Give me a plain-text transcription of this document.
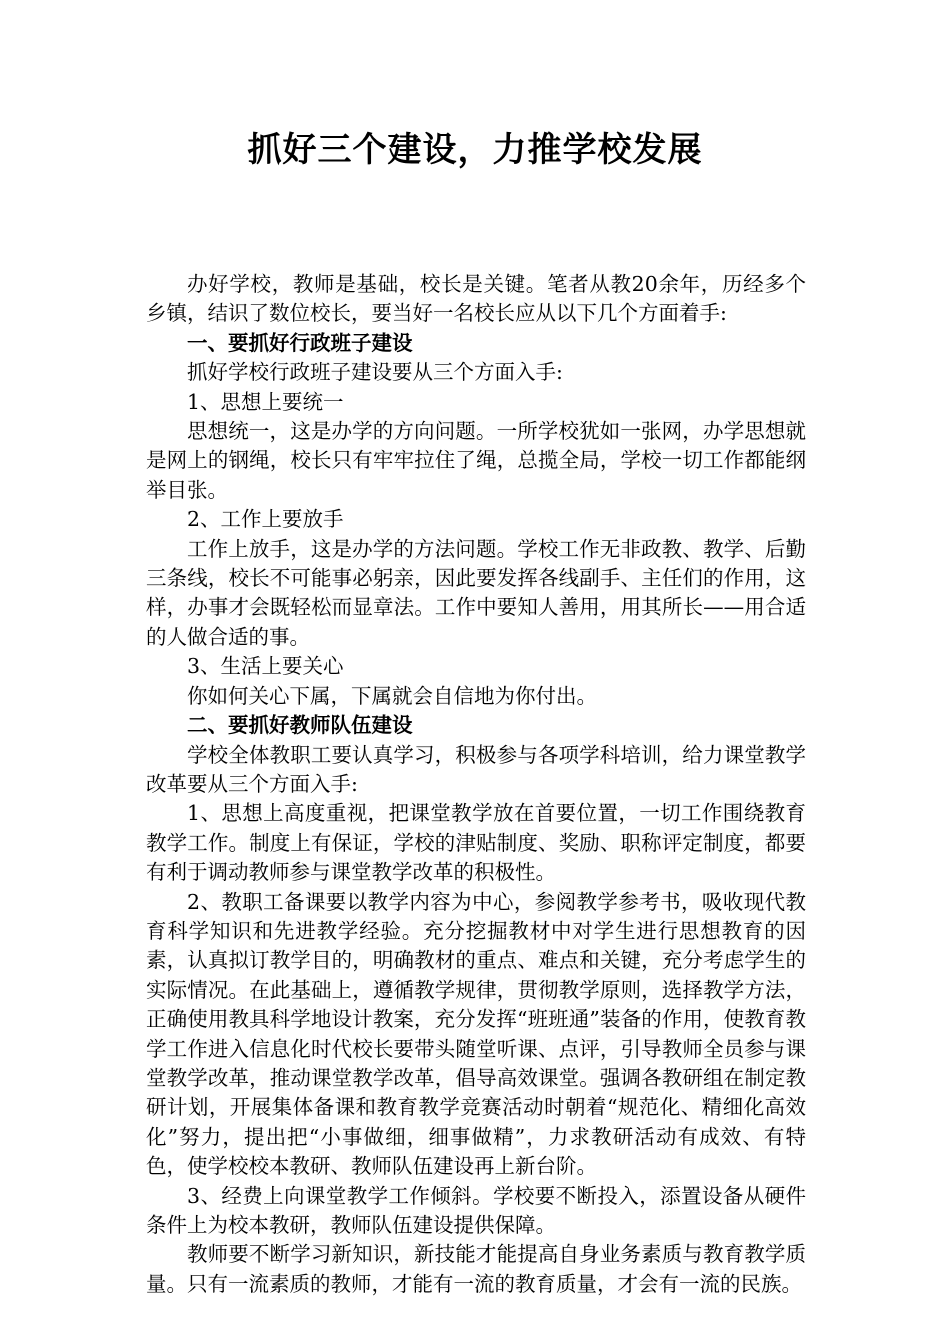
抓好三个建设，力推学校发展

办好学校，教师是基础，校长是关键。笔者从教20余年，历经多个乡镇，结识了数位校长，要当好一名校长应从以下几个方面着手:

一、要抓好行政班子建设

抓好学校行政班子建设要从三个方面入手:

1、思想上要统一

思想统一，这是办学的方向问题。一所学校犹如一张网，办学思想就是网上的钢绳，校长只有牢牢拉住了绳，总揽全局，学校一切工作都能纲举目张。

2、工作上要放手

工作上放手，这是办学的方法问题。学校工作无非政教、教学、后勤三条线，校长不可能事必躬亲，因此要发挥各线副手、主任们的作用，这样，办事才会既轻松而显章法。工作中要知人善用，用其所长——用合适的人做合适的事。

3、生活上要关心

你如何关心下属，下属就会自信地为你付出。

二、要抓好教师队伍建设

学校全体教职工要认真学习，积极参与各项学科培训，给力课堂教学改革要从三个方面入手:

1、思想上高度重视，把课堂教学放在首要位置，一切工作围绕教育教学工作。制度上有保证，学校的津贴制度、奖励、职称评定制度，都要有利于调动教师参与课堂教学改革的积极性。

2、教职工备课要以教学内容为中心，参阅教学参考书，吸收现代教育科学知识和先进教学经验。充分挖掘教材中对学生进行思想教育的因素，认真拟订教学目的，明确教材的重点、难点和关键，充分考虑学生的实际情况。在此基础上，遵循教学规律，贯彻教学原则，选择教学方法，正确使用教具科学地设计教案，充分发挥“班班通”装备的作用，使教育教学工作进入信息化时代校长要带头随堂听课、点评，引导教师全员参与课堂教学改革，推动课堂教学改革，倡导高效课堂。强调各教研组在制定教研计划，开展集体备课和教育教学竞赛活动时朝着“规范化、精细化高效化”努力，提出把“小事做细，细事做精”，力求教研活动有成效、有特色，使学校校本教研、教师队伍建设再上新台阶。

3、经费上向课堂教学工作倾斜。学校要不断投入，添置设备从硬件条件上为校本教研，教师队伍建设提供保障。

教师要不断学习新知识，新技能才能提高自身业务素质与教育教学质量。只有一流素质的教师，才能有一流的教育质量，才会有一流的民族。
